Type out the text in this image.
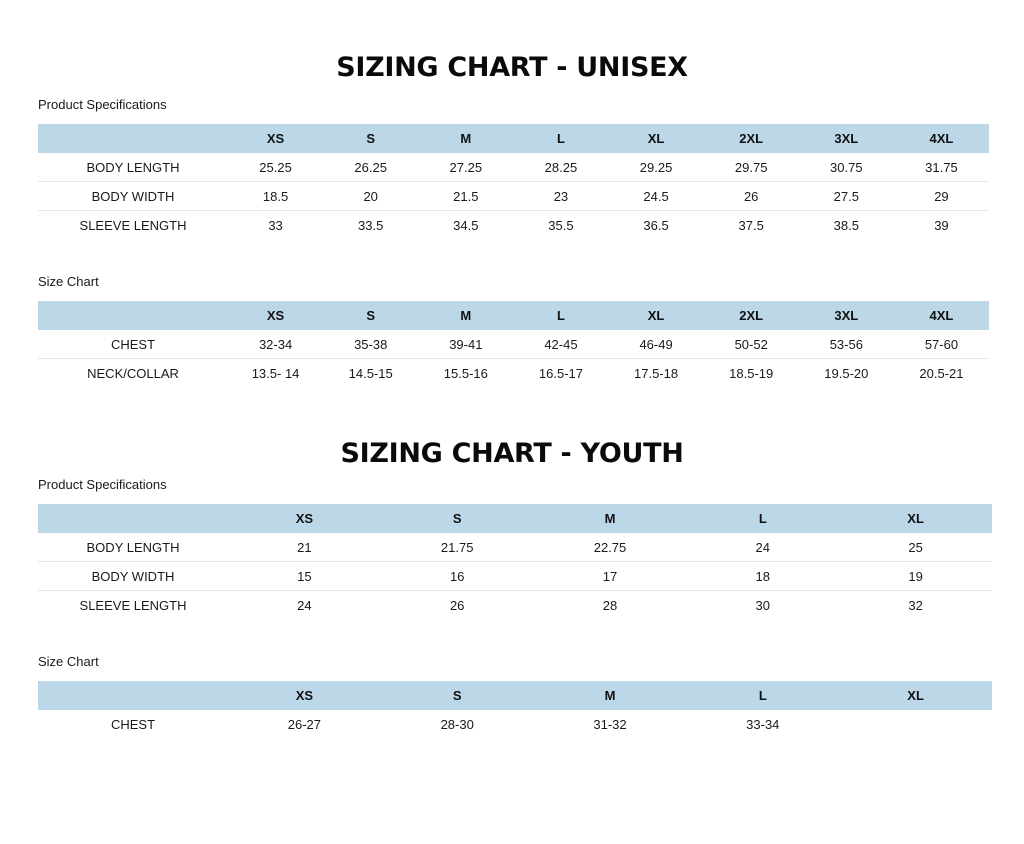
SIZING CHART - UNISEX
Product Specifications
	XS	S	M	L	XL	2XL	3XL	4XL
BODY LENGTH	25.25	26.25	27.25	28.25	29.25	29.75	30.75	31.75
BODY WIDTH	18.5	20	21.5	23	24.5	26	27.5	29
SLEEVE LENGTH	33	33.5	34.5	35.5	36.5	37.5	38.5	39
Size Chart
	XS	S	M	L	XL	2XL	3XL	4XL
CHEST	32-34	35-38	39-41	42-45	46-49	50-52	53-56	57-60
NECK/COLLAR	13.5- 14	14.5-15	15.5-16	16.5-17	17.5-18	18.5-19	19.5-20	20.5-21
SIZING CHART - YOUTH
Product Specifications
	XS	S	M	L	XL
BODY LENGTH	21	21.75	22.75	24	25
BODY WIDTH	15	16	17	18	19
SLEEVE LENGTH	24	26	28	30	32
Size Chart
	XS	S	M	L	XL
CHEST	26-27	28-30	31-32	33-34	
